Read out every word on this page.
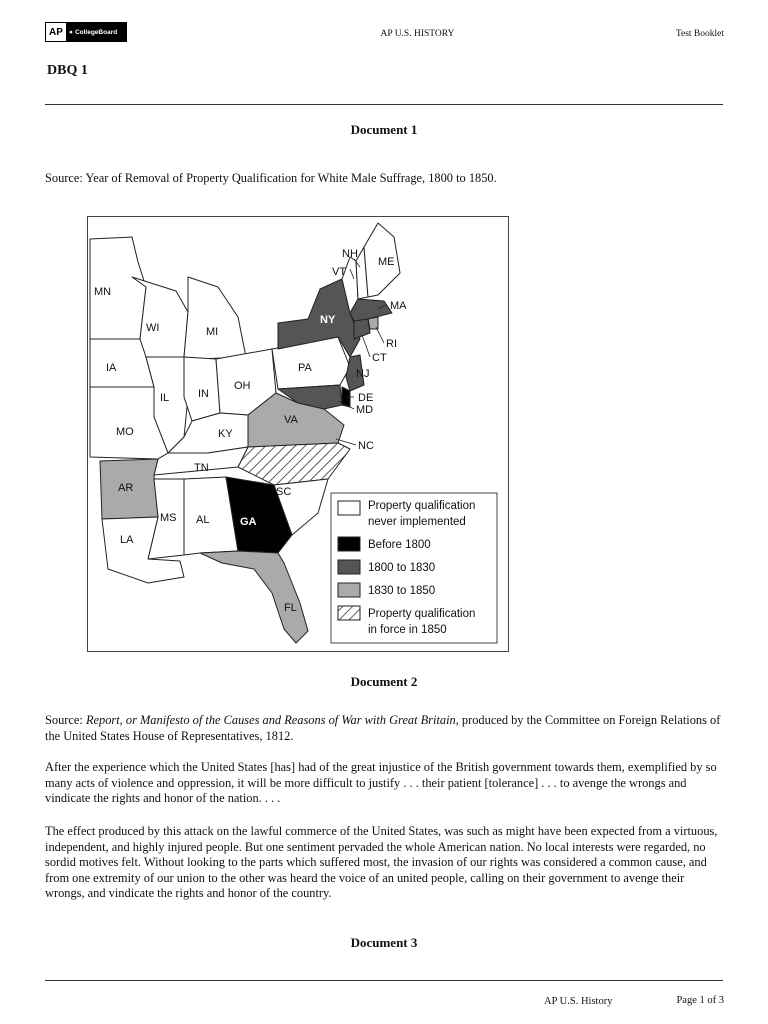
AP ● CollegeBoard	AP U.S. HISTORY	Test Booklet
DBQ 1
Document 1
Source: Year of Removal of Property Qualification for White Male Suffrage, 1800 to 1850.
MN
WI	MI
IA
IL	IN
OH
PA
NY
VT
NH
ME
MA
RI
CT
NJ
DE
MD
VA
KY
MO
NC
TN
AR	SC
MS AL	GA
LA
FL
Property qualification
never implemented
Before 1800
1800 to 1830
1830 to 1850
Property qualification
in force in 1850
Document 2
Source: Report, or Manifesto of the Causes and Reasons of War with Great Britain, produced by the Committee on Foreign Relations of the United States House of Representatives, 1812.
After the experience which the United States [has] had of the great injustice of the British government towards them, exemplified by so many acts of violence and oppression, it will be more difficult to justify . . . their patient [tolerance] . . . to avenge the wrongs and vindicate the rights and honor of the nation. . . .
The effect produced by this attack on the lawful commerce of the United States, was such as might have been expected from a virtuous, independent, and highly injured people. But one sentiment pervaded the whole American nation. No local interests were regarded, no sordid motives felt. Without looking to the parts which suffered most, the invasion of our rights was considered a common cause, and from one extremity of our union to the other was heard the voice of an united people, calling on their government to avenge their wrongs, and vindicate the rights and honor of the country.
Document 3
AP U.S. History	Page 1 of 3
